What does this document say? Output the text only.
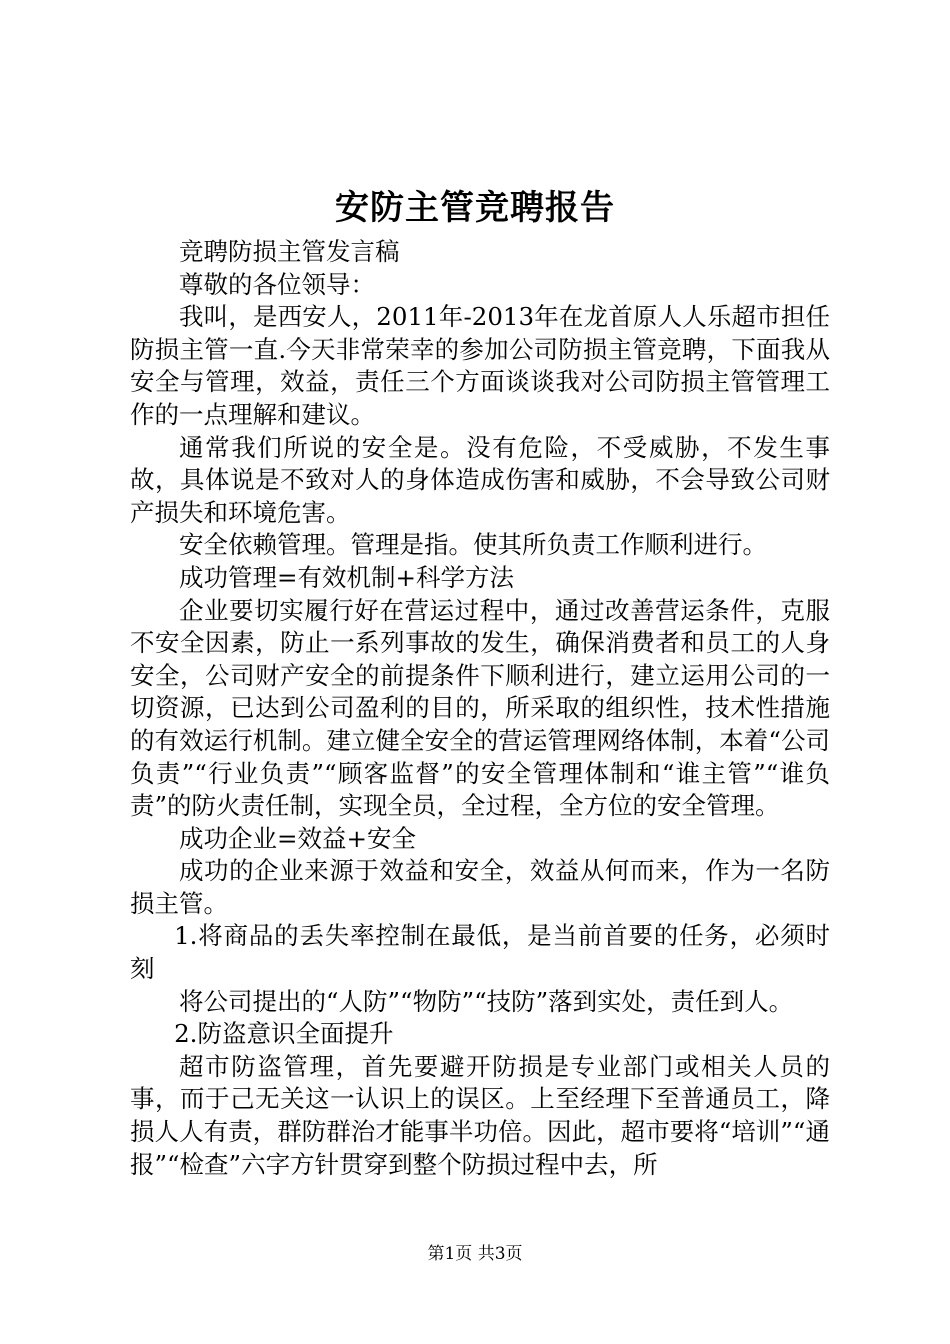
安防主管竞聘报告

竞聘防损主管发言稿

尊敬的各位领导：

我叫，是西安人，2011年-2013年在龙首原人人乐超市担任防损主管一直.今天非常荣幸的参加公司防损主管竞聘，下面我从安全与管理，效益，责任三个方面谈谈我对公司防损主管管理工作的一点理解和建议。

通常我们所说的安全是。没有危险，不受威胁，不发生事故，具体说是不致对人的身体造成伤害和威胁，不会导致公司财产损失和环境危害。

安全依赖管理。管理是指。使其所负责工作顺利进行。

成功管理=有效机制+科学方法

企业要切实履行好在营运过程中，通过改善营运条件，克服不安全因素，防止一系列事故的发生，确保消费者和员工的人身安全，公司财产安全的前提条件下顺利进行，建立运用公司的一切资源，已达到公司盈利的目的，所采取的组织性，技术性措施的有效运行机制。建立健全安全的营运管理网络体制，本着“公司负责”“行业负责”“顾客监督”的安全管理体制和“谁主管”“谁负责”的防火责任制，实现全员，全过程，全方位的安全管理。

成功企业=效益+安全

成功的企业来源于效益和安全，效益从何而来，作为一名防损主管。

1.将商品的丢失率控制在最低，是当前首要的任务，必须时刻

将公司提出的“人防”“物防”“技防”落到实处，责任到人。

2.防盗意识全面提升

超市防盗管理，首先要避开防损是专业部门或相关人员的事，而于己无关这一认识上的误区。上至经理下至普通员工，降损人人有责，群防群治才能事半功倍。因此，超市要将“培训”“通报”“检查”六字方针贯穿到整个防损过程中去，所

第1页 共3页
